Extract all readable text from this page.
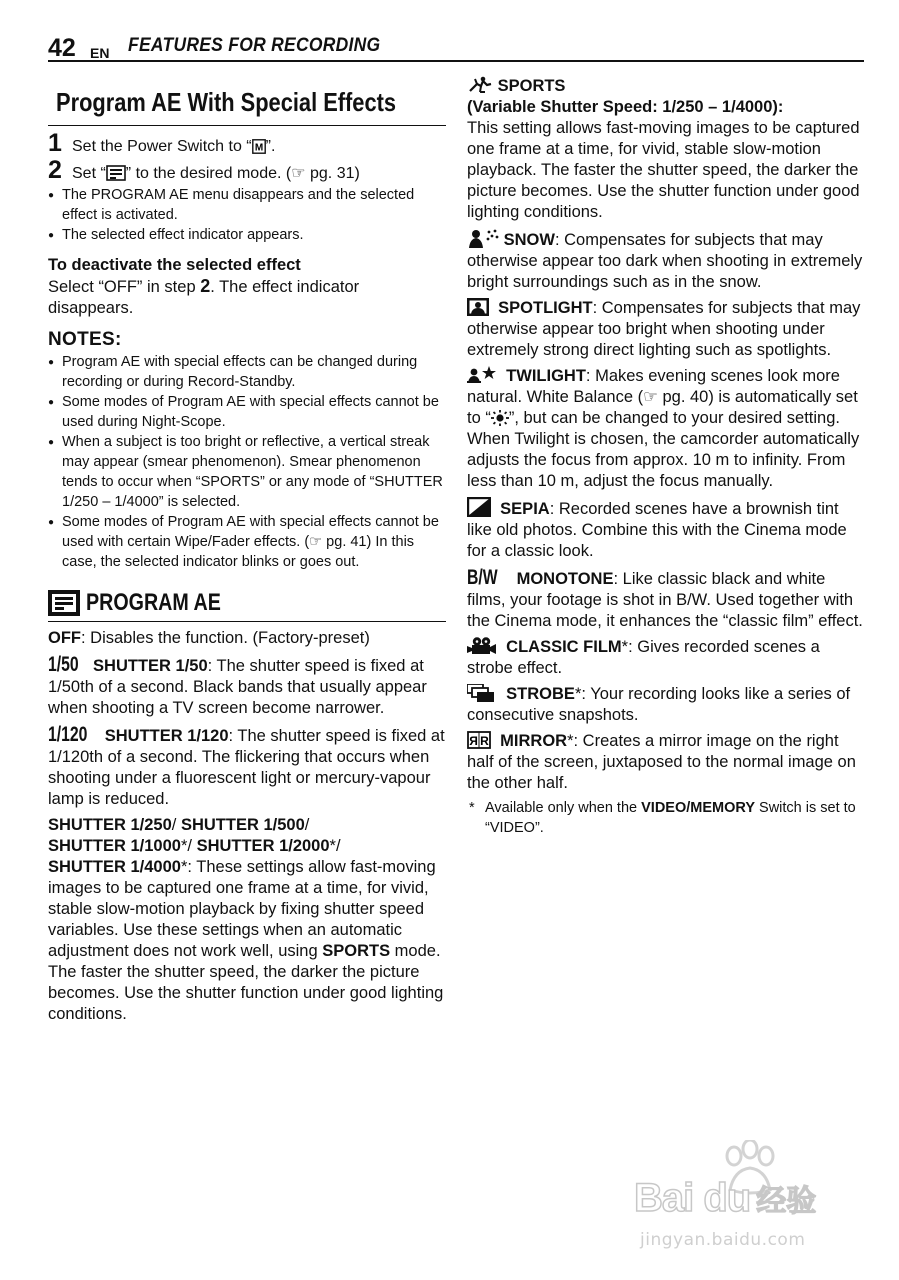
42 EN FEATURES FOR RECORDING
Program AE With Special Effects
1 Set the Power Switch to “ M ”.
2 Set “ ” to the desired mode. (☞ pg. 31)
● The PROGRAM AE menu disappears and the selected effect is activated.
● The selected effect indicator appears.
To deactivate the selected effect
Select “OFF” in step 2. The effect indicator disappears.
NOTES:
● Program AE with special effects can be changed during recording or during Record-Standby.
● Some modes of Program AE with special effects cannot be used during Night-Scope.
● When a subject is too bright or reflective, a vertical streak may appear (smear phenomenon). Smear phenomenon tends to occur when “SPORTS” or any mode of “SHUTTER 1/250 – 1/4000” is selected.
● Some modes of Program AE with special effects cannot be used with certain Wipe/Fader effects. (☞ pg. 41) In this case, the selected indicator blinks or goes out.
PROGRAM AE
OFF: Disables the function. (Factory-preset)
1/50 SHUTTER 1/50: The shutter speed is fixed at 1/50th of a second. Black bands that usually appear when shooting a TV screen become narrower.
1/120 SHUTTER 1/120: The shutter speed is fixed at 1/120th of a second. The flickering that occurs when shooting under a fluorescent light or mercury-vapour lamp is reduced.
SHUTTER 1/250/ SHUTTER 1/500/
SHUTTER 1/1000*/ SHUTTER 1/2000*/
SHUTTER 1/4000*: These settings allow fast-moving images to be captured one frame at a time, for vivid, stable slow-motion playback by fixing shutter speed variables. Use these settings when an automatic adjustment does not work well, using SPORTS mode. The faster the shutter speed, the darker the picture becomes. Use the shutter function under good lighting conditions.
SPORTS
(Variable Shutter Speed: 1/250 – 1/4000):
This setting allows fast-moving images to be captured one frame at a time, for vivid, stable slow-motion playback. The faster the shutter speed, the darker the picture becomes. Use the shutter function under good lighting conditions.
SNOW: Compensates for subjects that may otherwise appear too dark when shooting in extremely bright surroundings such as in the snow.
SPOTLIGHT: Compensates for subjects that may otherwise appear too bright when shooting under extremely strong direct lighting such as spotlights.
TWILIGHT: Makes evening scenes look more natural. White Balance (☞ pg. 40) is automatically set to “ ”, but can be changed to your desired setting. When Twilight is chosen, the camcorder automatically adjusts the focus from approx. 10 m to infinity. From less than 10 m, adjust the focus manually.
SEPIA: Recorded scenes have a brownish tint like old photos. Combine this with the Cinema mode for a classic look.
B/W MONOTONE: Like classic black and white films, your footage is shot in B/W. Used together with the Cinema mode, it enhances the “classic film” effect.
CLASSIC FILM*: Gives recorded scenes a strobe effect.
STROBE*: Your recording looks like a series of consecutive snapshots.
R R MIRROR*: Creates a mirror image on the right half of the screen, juxtaposed to the normal image on the other half.
* Available only when the VIDEO/MEMORY Switch is set to “VIDEO”.
Bai du 经验
jingyan.baidu.com
